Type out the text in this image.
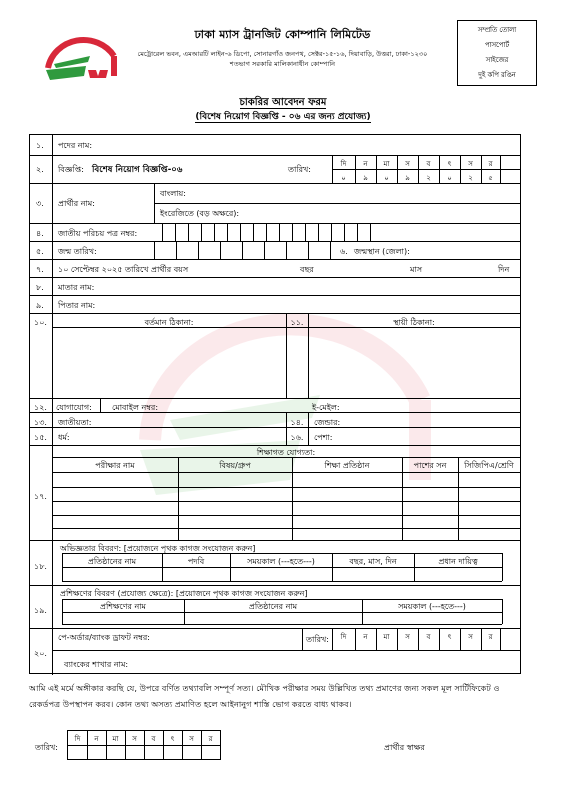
ঢাকা ম্যাস ট্রানজিট কোম্পানি লিমিটেড
মেট্রোরেল ভবন, এমআরটি লাইন-৬ ডিপো, সোনারগাঁও জনপথ, সেক্টর-১৫-১৬, দিয়াবাড়ি, উত্তরা, ঢাকা-১২৩০
শতভাগ সরকারি মালিকানাধীন কোম্পানি
সম্প্রতি তোলা
পাসপোর্ট
সাইজের
দুই কপি রঙিন
চাকরির আবেদন ফরম
(বিশেষ নিয়োগ বিজ্ঞপ্তি - ০৬ এর জন্য প্রযোজ্য)
১. পদের নাম:
২. বিজ্ঞপ্তি: বিশেষ নিয়োগ বিজ্ঞপ্তি-০৬	তারিখ:
দি	ন	মা	স	ব	ৎ	স	র
০	৯	০	৯	২	০	২	৫
৩. প্রার্থীর নাম:
বাংলায়:
ইংরেজিতে (বড় অক্ষরে):
৪. জাতীয় পরিচয় পত্র নম্বর:
৫. জন্ম তারিখ:	৬. জন্মস্থান (জেলা):
৭. ১০ সেপ্টেম্বর ২০২৫ তারিখে প্রার্থীর বয়স	বছর	মাস	দিন
৮. মাতার নাম:
৯. পিতার নাম:
১০.	বর্তমান ঠিকানা:	১১.	স্থায়ী ঠিকানা:
১২. যোগাযোগ:	মোবাইল নম্বর:	ই-মেইল:
১৩. জাতীয়তা:	১৪.	জেন্ডার:
১৫. ধর্ম:	১৬.	পেশা:
১৭.
শিক্ষাগত যোগ্যতা:
পরীক্ষার নাম	বিষয়/গ্রুপ	শিক্ষা প্রতিষ্ঠান	পাশের সন	সিজিপিএ/শ্রেণি
১৮.
অভিজ্ঞতার বিবরণ: [প্রয়োজনে পৃথক কাগজ সংযোজন করুন]
প্রতিষ্ঠানের নাম	পদবি	সময়কাল (---হতে---)	বছর, মাস, দিন	প্রধান দায়িত্ব
১৯.
প্রশিক্ষণের বিবরণ (প্রযোজ্য ক্ষেত্রে): [প্রয়োজনে পৃথক কাগজ সংযোজন করুন]
প্রশিক্ষণের নাম	প্রতিষ্ঠানের নাম	সময়কাল (---হতে---)
২০.
পে-অর্ডার/ব্যাংক ড্রাফট নম্বর:	তারিখ:	দি	ন	মা	স	ব	ৎ	স	র
ব্যাংকের শাখার নাম:
আমি এই মর্মে অঙ্গীকার করছি যে, উপরে বর্ণিত তথ্যাবলি সম্পূর্ণ সত্য। মৌখিক পরীক্ষার সময় উল্লিখিত তথ্য প্রমাণের জন্য সকল মূল সার্টিফিকেট ও রেকর্ডপত্র উপস্থাপন করব। কোন তথ্য অসত্য প্রমাণিত হলে আইনানুগ শাস্তি ভোগ করতে বাধ্য থাকব।
তারিখ:
দি	ন	মা	স	ব	ৎ	স	র
প্রার্থীর স্বাক্ষর
